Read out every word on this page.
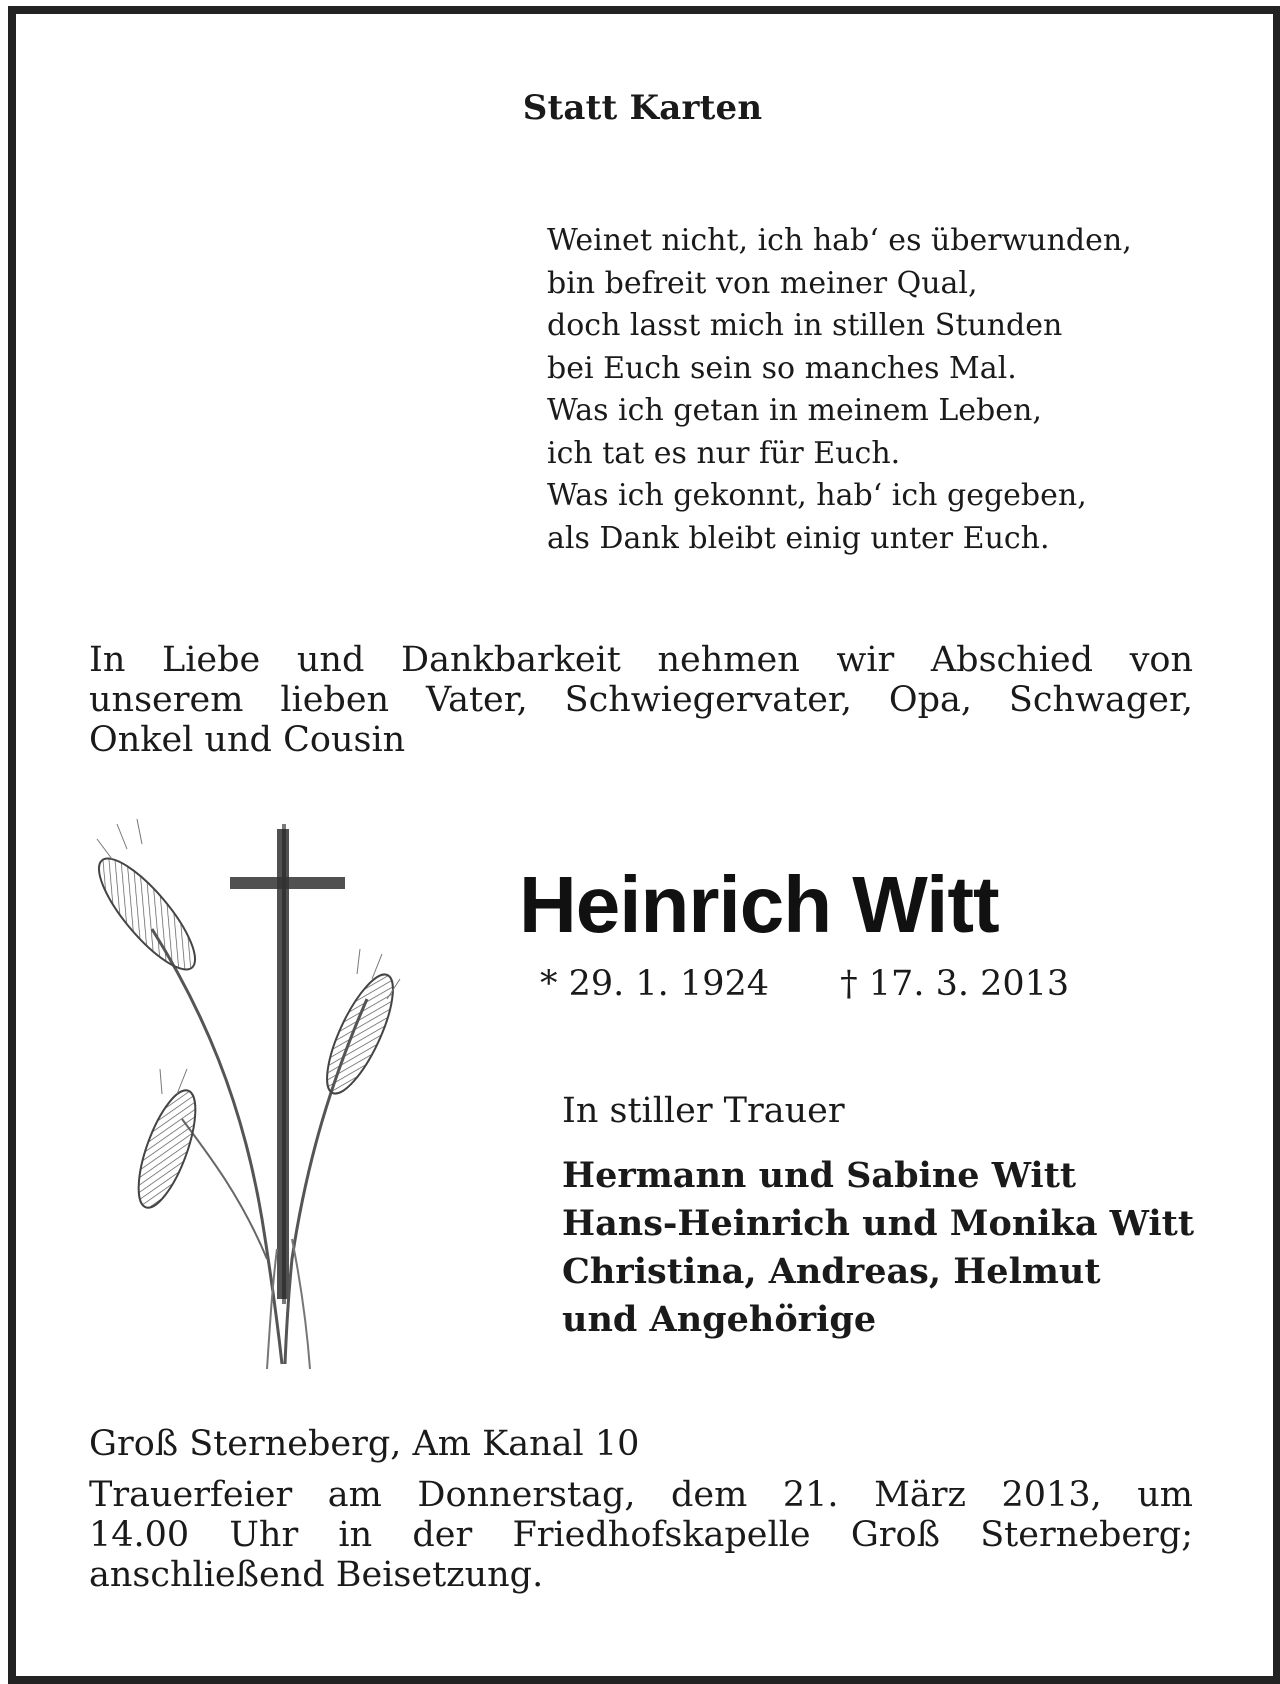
Statt Karten
Weinet nicht, ich hab‘ es überwunden,
bin befreit von meiner Qual,
doch lasst mich in stillen Stunden
bei Euch sein so manches Mal.
Was ich getan in meinem Leben,
ich tat es nur für Euch.
Was ich gekonnt, hab‘ ich gegeben,
als Dank bleibt einig unter Euch.
In Liebe und Dankbarkeit nehmen wir Abschied von
unserem lieben Vater, Schwiegervater, Opa, Schwager,
Onkel und Cousin
Heinrich Witt
* 29. 1. 1924 † 17. 3. 2013
In stiller Trauer
Hermann und Sabine Witt
Hans-Heinrich und Monika Witt
Christina, Andreas, Helmut
und Angehörige
Groß Sterneberg, Am Kanal 10
Trauerfeier am Donnerstag, dem 21. März 2013, um
14.00 Uhr in der Friedhofskapelle Groß Sterneberg;
anschließend Beisetzung.
